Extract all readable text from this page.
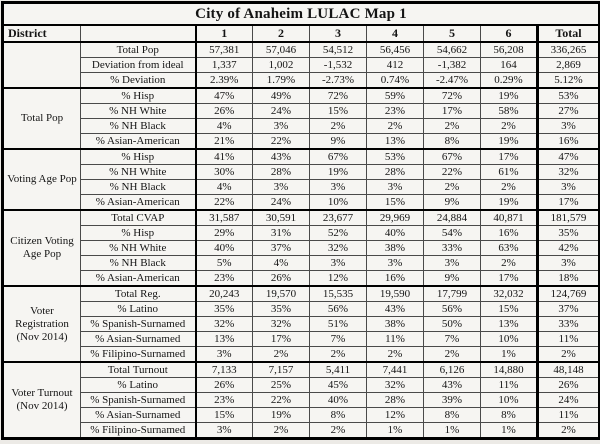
City of Anaheim LULAC Map 1								
District		1	2	3	4	5	6	Total
	Total Pop	57,381	57,046	54,512	56,456	54,662	56,208	336,265
	Deviation from ideal	1,337	1,002	-1,532	412	-1,382	164	2,869
	% Deviation	2.39%	1.79%	-2.73%	0.74%	-2.47%	0.29%	5.12%
Total Pop	% Hisp	47%	49%	72%	59%	72%	19%	53%
	% NH White	26%	24%	15%	23%	17%	58%	27%
	% NH Black	4%	3%	2%	2%	2%	2%	3%
	% Asian-American	21%	22%	9%	13%	8%	19%	16%
Voting Age Pop	% Hisp	41%	43%	67%	53%	67%	17%	47%
	% NH White	30%	28%	19%	28%	22%	61%	32%
	% NH Black	4%	3%	3%	3%	2%	2%	3%
	% Asian-American	22%	24%	10%	15%	9%	19%	17%
Citizen Voting Age Pop	Total CVAP	31,587	30,591	23,677	29,969	24,884	40,871	181,579
	% Hisp	29%	31%	52%	40%	54%	16%	35%
	% NH White	40%	37%	32%	38%	33%	63%	42%
	% NH Black	5%	4%	3%	3%	3%	2%	3%
	% Asian-American	23%	26%	12%	16%	9%	17%	18%
Voter Registration (Nov 2014)	Total Reg.	20,243	19,570	15,535	19,590	17,799	32,032	124,769
	% Latino	35%	35%	56%	43%	56%	15%	37%
	% Spanish-Surnamed	32%	32%	51%	38%	50%	13%	33%
	% Asian-Surnamed	13%	17%	7%	11%	7%	10%	11%
	% Filipino-Surnamed	3%	2%	2%	2%	2%	1%	2%
Voter Turnout (Nov 2014)	Total Turnout	7,133	7,157	5,411	7,441	6,126	14,880	48,148
	% Latino	26%	25%	45%	32%	43%	11%	26%
	% Spanish-Surnamed	23%	22%	40%	28%	39%	10%	24%
	% Asian-Surnamed	15%	19%	8%	12%	8%	8%	11%
	% Filipino-Surnamed	3%	2%	2%	1%	1%	1%	2%
